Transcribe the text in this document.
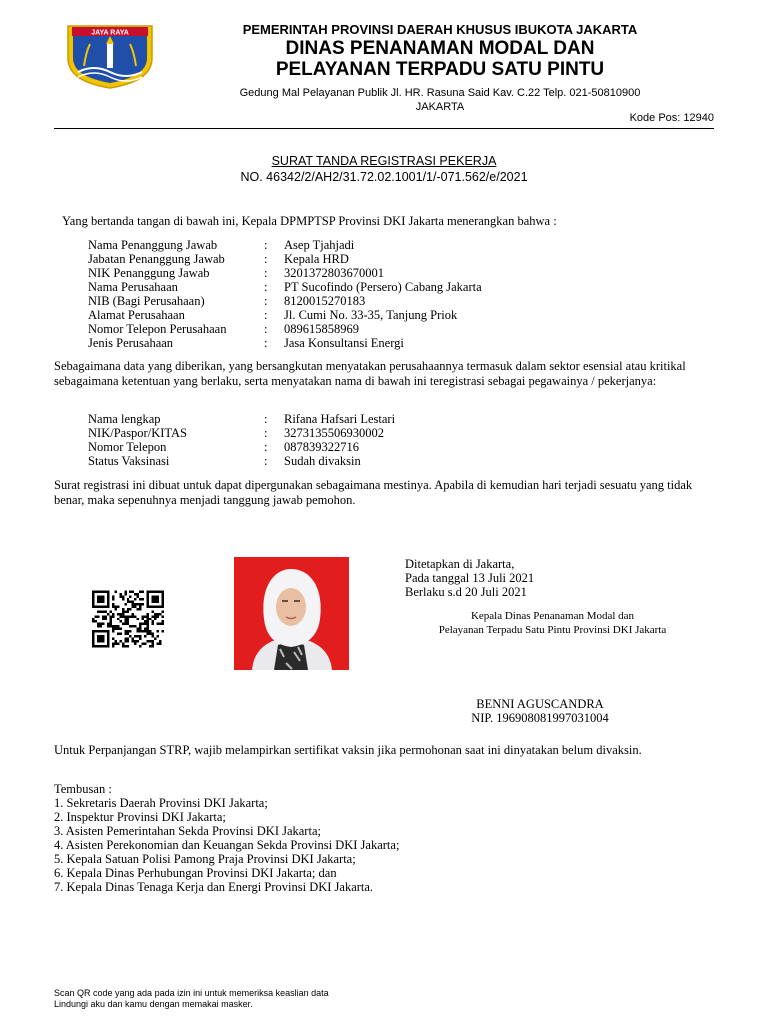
JAYA RAYA	PEMERINTAH PROVINSI DAERAH KHUSUS IBUKOTA JAKARTA
DINAS PENANAMAN MODAL DAN
PELAYANAN TERPADU SATU PINTU
Gedung Mal Pelayanan Publik Jl. HR. Rasuna Said Kav. C.22 Telp. 021-50810900
JAKARTA
Kode Pos: 12940
SURAT TANDA REGISTRASI PEKERJA
NO. 46342/2/AH2/31.72.02.1001/1/-071.562/e/2021
Yang bertanda tangan di bawah ini, Kepala DPMPTSP Provinsi DKI Jakarta menerangkan bahwa :
Nama Penanggung Jawab	:	Asep Tjahjadi
Jabatan Penanggung Jawab	:	Kepala HRD
NIK Penanggung Jawab	:	3201372803670001
Nama Perusahaan	:	PT Sucofindo (Persero) Cabang Jakarta
NIB (Bagi Perusahaan)	:	8120015270183
Alamat Perusahaan	:	Jl. Cumi No. 33-35, Tanjung Priok
Nomor Telepon Perusahaan	:	089615858969
Jenis Perusahaan	:	Jasa Konsultansi Energi
Sebagaimana data yang diberikan, yang bersangkutan menyatakan perusahaannya termasuk dalam sektor esensial atau kritikal sebagaimana ketentuan yang berlaku, serta menyatakan nama di bawah ini teregistrasi sebagai pegawainya / pekerjanya:
Nama lengkap	:	Rifana Hafsari Lestari
NIK/Paspor/KITAS	:	3273135506930002
Nomor Telepon	:	087839322716
Status Vaksinasi	:	Sudah divaksin
Surat registrasi ini dibuat untuk dapat dipergunakan sebagaimana mestinya. Apabila di kemudian hari terjadi sesuatu yang tidak benar, maka sepenuhnya menjadi tanggung jawab pemohon.
Ditetapkan di Jakarta,
Pada tanggal 13 Juli 2021
Berlaku s.d 20 Juli 2021
Kepala Dinas Penanaman Modal dan
Pelayanan Terpadu Satu Pintu Provinsi DKI Jakarta
BENNI AGUSCANDRA
NIP. 196908081997031004
Untuk Perpanjangan STRP, wajib melampirkan sertifikat vaksin jika permohonan saat ini dinyatakan belum divaksin.
Tembusan :
1. Sekretaris Daerah Provinsi DKI Jakarta;
2. Inspektur Provinsi DKI Jakarta;
3. Asisten Pemerintahan Sekda Provinsi DKI Jakarta;
4. Asisten Perekonomian dan Keuangan Sekda Provinsi DKI Jakarta;
5. Kepala Satuan Polisi Pamong Praja Provinsi DKI Jakarta;
6. Kepala Dinas Perhubungan Provinsi DKI Jakarta; dan
7. Kepala Dinas Tenaga Kerja dan Energi Provinsi DKI Jakarta.
Scan QR code yang ada pada izin ini untuk memeriksa keaslian data
Lindungi aku dan kamu dengan memakai masker.
